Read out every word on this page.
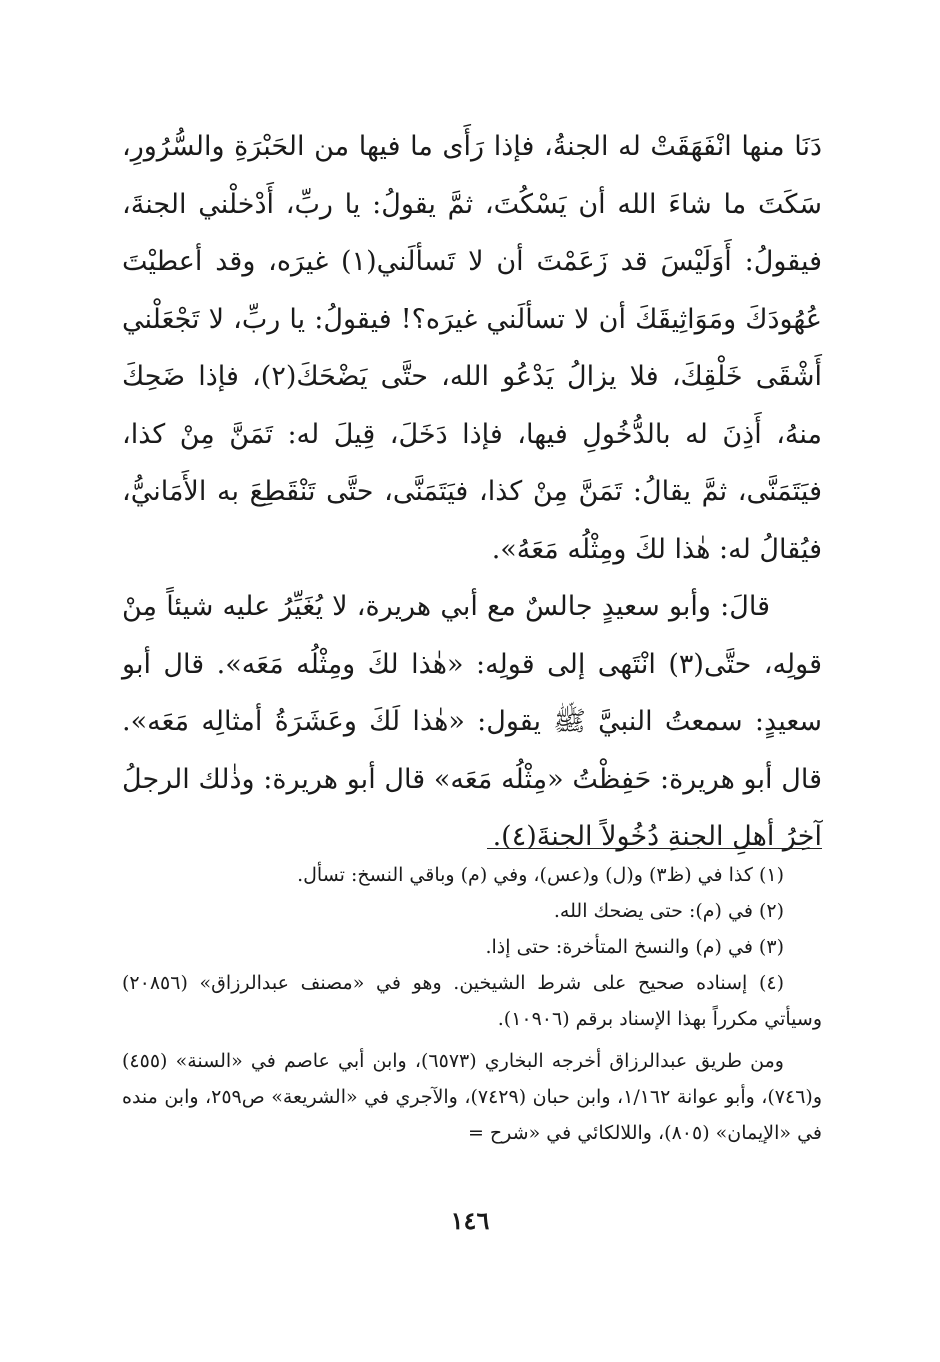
دَنَا منها انْفَهَقَتْ له الجنةُ، فإذا رَأَى ما فيها من الحَبْرَةِ والسُّرُورِ، سَكَتَ ما شاءَ الله أن يَسْكُتَ، ثمَّ يقولُ: يا ربِّ، أَدْخلْني الجنةَ، فيقولُ: أَوَلَيْسَ قد زَعَمْتَ أن لا تَسألَني(١) غيرَه، وقد أعطيْتَ عُهُودَكَ ومَوَاثِيقَكَ أن لا تسألَني غيرَه؟! فيقولُ: يا ربِّ، لا تَجْعَلْني أَشْقَى خَلْقِكَ، فلا يزالُ يَدْعُو الله، حتَّى يَضْحَكَ(٢)، فإذا ضَحِكَ منهُ، أَذِنَ له بالدُّخُولِ فيها، فإذا دَخَلَ، قِيلَ له: تَمَنَّ مِنْ كذا، فيَتَمَنَّى، ثمَّ يقالُ: تَمَنَّ مِنْ كذا، فيَتَمَنَّى، حتَّى تَنْقَطِعَ به الأَمَانيُّ، فيُقالُ له: هٰذا لكَ ومِثْلُه مَعَهُ».

قالَ: وأبو سعيدٍ جالسٌ مع أبي هريرة، لا يُغَيِّرُ عليه شيئاً مِنْ قولِه، حتَّى(٣) انْتَهى إلى قولِه: «هٰذا لكَ ومِثْلُه مَعَه». قال أبو سعيدٍ: سمعتُ النبيَّ ﷺ يقول: «هٰذا لَكَ وعَشَرَةُ أمثالِه مَعَه». قال أبو هريرة: حَفِظْتُ «مِثْلُه مَعَه» قال أبو هريرة: وذٰلك الرجلُ آخِرُ أهلِ الجنةِ دُخُولاً الجنةَ(٤).

(١) كذا في (ظ٣) و(ل) و(عس)، وفي (م) وباقي النسخ: تسأل.

(٢) في (م): حتى يضحك الله.

(٣) في (م) والنسخ المتأخرة: حتى إذا.

(٤) إسناده صحيح على شرط الشيخين. وهو في «مصنف عبدالرزاق» (٢٠٨٥٦) وسيأتي مكرراً بهذا الإسناد برقم (١٠٩٠٦).

ومن طريق عبدالرزاق أخرجه البخاري (٦٥٧٣)، وابن أبي عاصم في «السنة» (٤٥٥) و(٧٤٦)، وأبو عوانة ١/١٦٢، وابن حبان (٧٤٢٩)، والآجري في «الشريعة» ص٢٥٩، وابن منده في «الإيمان» (٨٠٥)، واللالكائي في «شرح =

١٤٦
